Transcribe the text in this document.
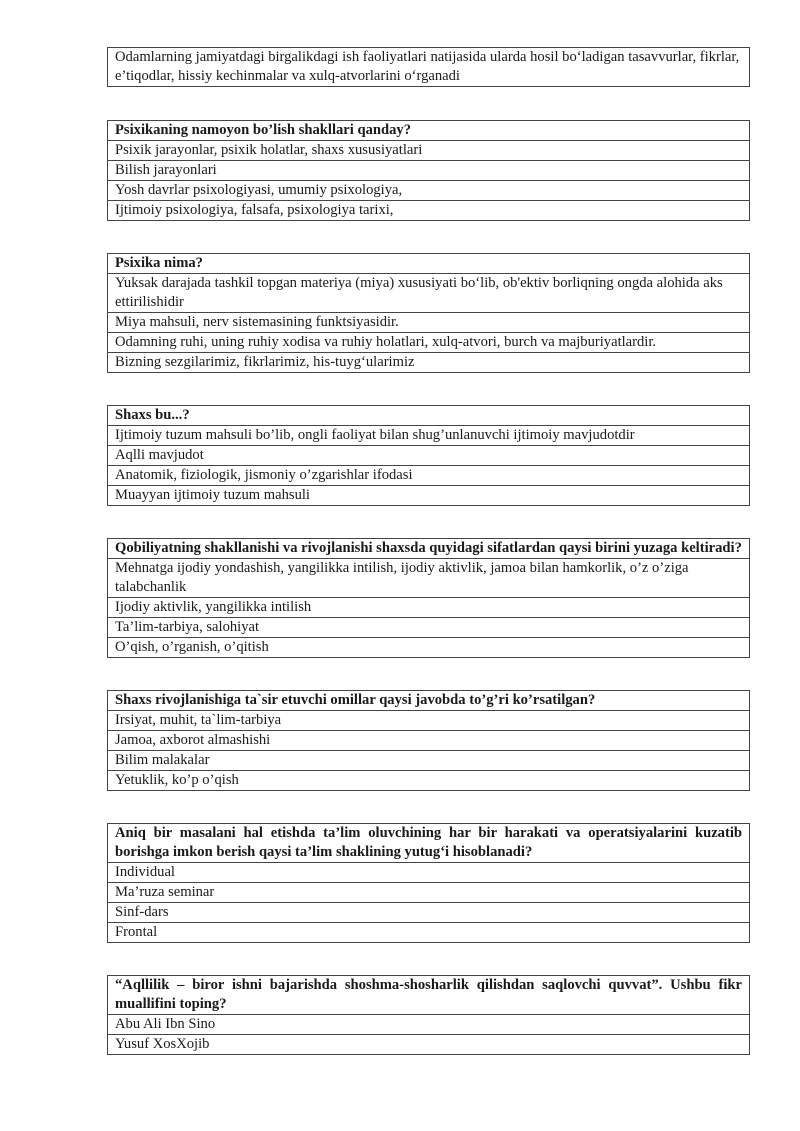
Odamlarning jamiyatdagi birgalikdagi ish faoliyatlari natijasida ularda hosil bo‘ladigan tasavvurlar, fikrlar, e’tiqodlar, hissiy kechinmalar va xulq-atvorlarini o‘rganadi
Psixikaning namoyon bo’lish shakllari qanday?
Psixik jarayonlar, psixik holatlar, shaxs xususiyatlari
Bilish jarayonlari
Yosh davrlar psixologiyasi, umumiy psixologiya,
Ijtimoiy psixologiya, falsafa, psixologiya tarixi,
Psixika nima?
Yuksak darajada tashkil topgan materiya (miya) xususiyati bo‘lib, ob'ektiv borliqning ongda alohida aks ettirilishidir
Miya mahsuli, nerv sistemasining funktsiyasidir.
Odamning ruhi, uning ruhiy xodisa va ruhiy holatlari, xulq-atvori, burch va majburiyatlardir.
Bizning sezgilarimiz, fikrlarimiz, his-tuyg‘ularimiz
Shaxs bu...?
Ijtimoiy tuzum mahsuli bo’lib, ongli faoliyat bilan shug’unlanuvchi ijtimoiy mavjudotdir
Aqlli mavjudot
Anatomik, fiziologik, jismoniy o’zgarishlar ifodasi
Muayyan ijtimoiy tuzum mahsuli
Qobiliyatning shakllanishi va rivojlanishi shaxsda quyidagi sifatlardan qaysi birini yuzaga keltiradi?
Mehnatga ijodiy yondashish, yangilikka intilish, ijodiy aktivlik, jamoa bilan hamkorlik, o’z o’ziga talabchanlik
Ijodiy aktivlik, yangilikka intilish
Ta’lim-tarbiya, salohiyat
O’qish, o’rganish, o’qitish
Shaxs rivojlanishiga ta`sir etuvchi omillar qaysi javobda to’g’ri ko’rsatilgan?
Irsiyat, muhit, ta`lim-tarbiya
Jamoa, axborot almashishi
Bilim malakalar
Yetuklik, ko’p o’qish
Aniq bir masalani hal etishda ta’lim oluvchining har bir harakati va operatsiyalarini kuzatib borishga imkon berish qaysi ta’lim shaklining yutug‘i hisoblanadi?
Individual
Ma’ruza seminar
Sinf-dars
Frontal
“Aqllilik – biror ishni bajarishda shoshma-shosharlik qilishdan saqlovchi quvvat”. Ushbu fikr muallifini toping?
Abu Ali Ibn Sino
Yusuf XosXojib
